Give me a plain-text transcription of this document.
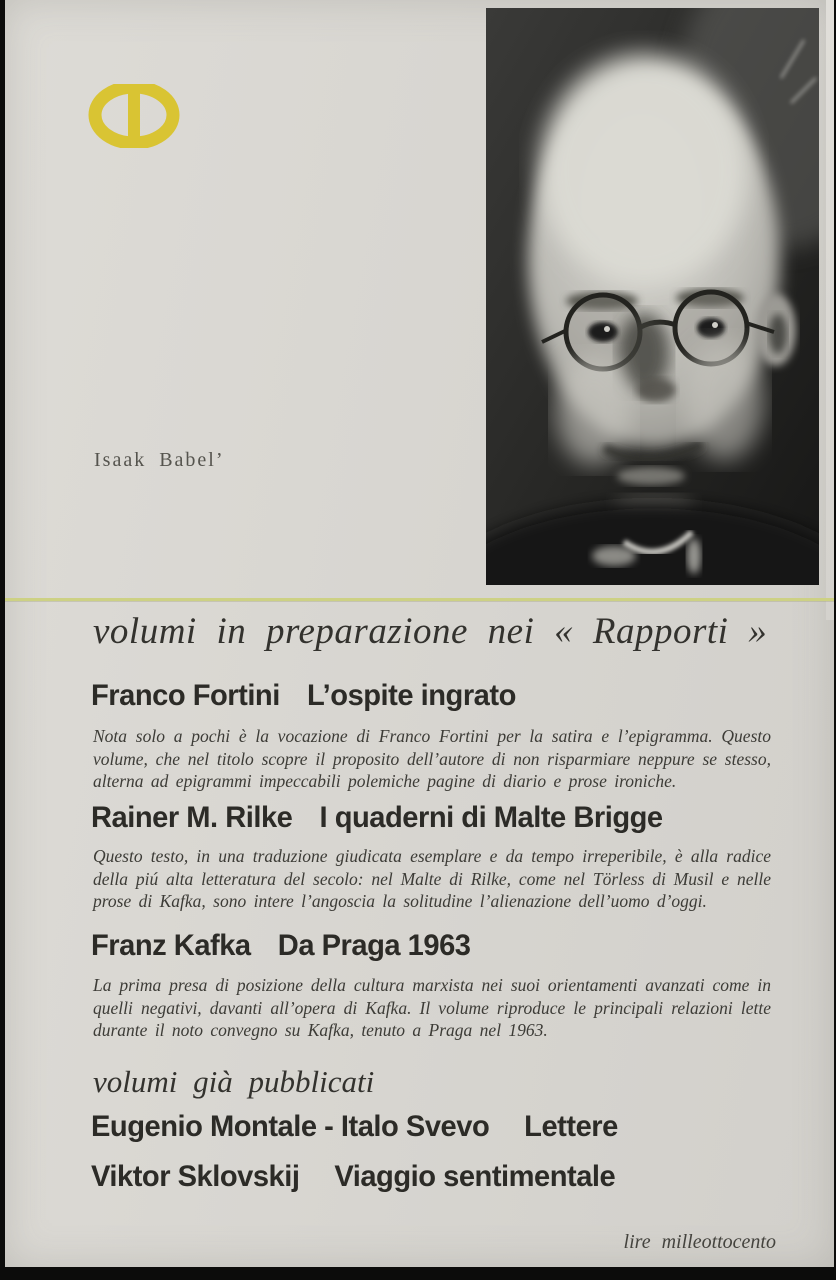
Isaak Babel’
volumi in preparazione nei « Rapporti »
Franco Fortini L’ospite ingrato
Nota solo a pochi è la vocazione di Franco Fortini per la satira e l’epigramma. Questo volume, che nel titolo scopre il proposito dell’autore di non risparmiare neppure se stesso, alterna ad epigrammi impeccabili polemiche pagine di diario e prose ironiche.
Rainer M. Rilke I quaderni di Malte Brigge
Questo testo, in una traduzione giudicata esemplare e da tempo irreperibile, è alla radice della piú alta letteratura del secolo: nel Malte di Rilke, come nel Törless di Musil e nelle prose di Kafka, sono intere l’angoscia la solitudine l’alienazione dell’uomo d’oggi.
Franz Kafka Da Praga 1963
La prima presa di posizione della cultura marxista nei suoi orientamenti avanzati come in quelli negativi, davanti all’opera di Kafka. Il volume riproduce le principali relazioni lette durante il noto convegno su Kafka, tenuto a Praga nel 1963.
volumi già pubblicati
Eugenio Montale - Italo Svevo Lettere
Viktor Sklovskij Viaggio sentimentale
lire milleottocento
